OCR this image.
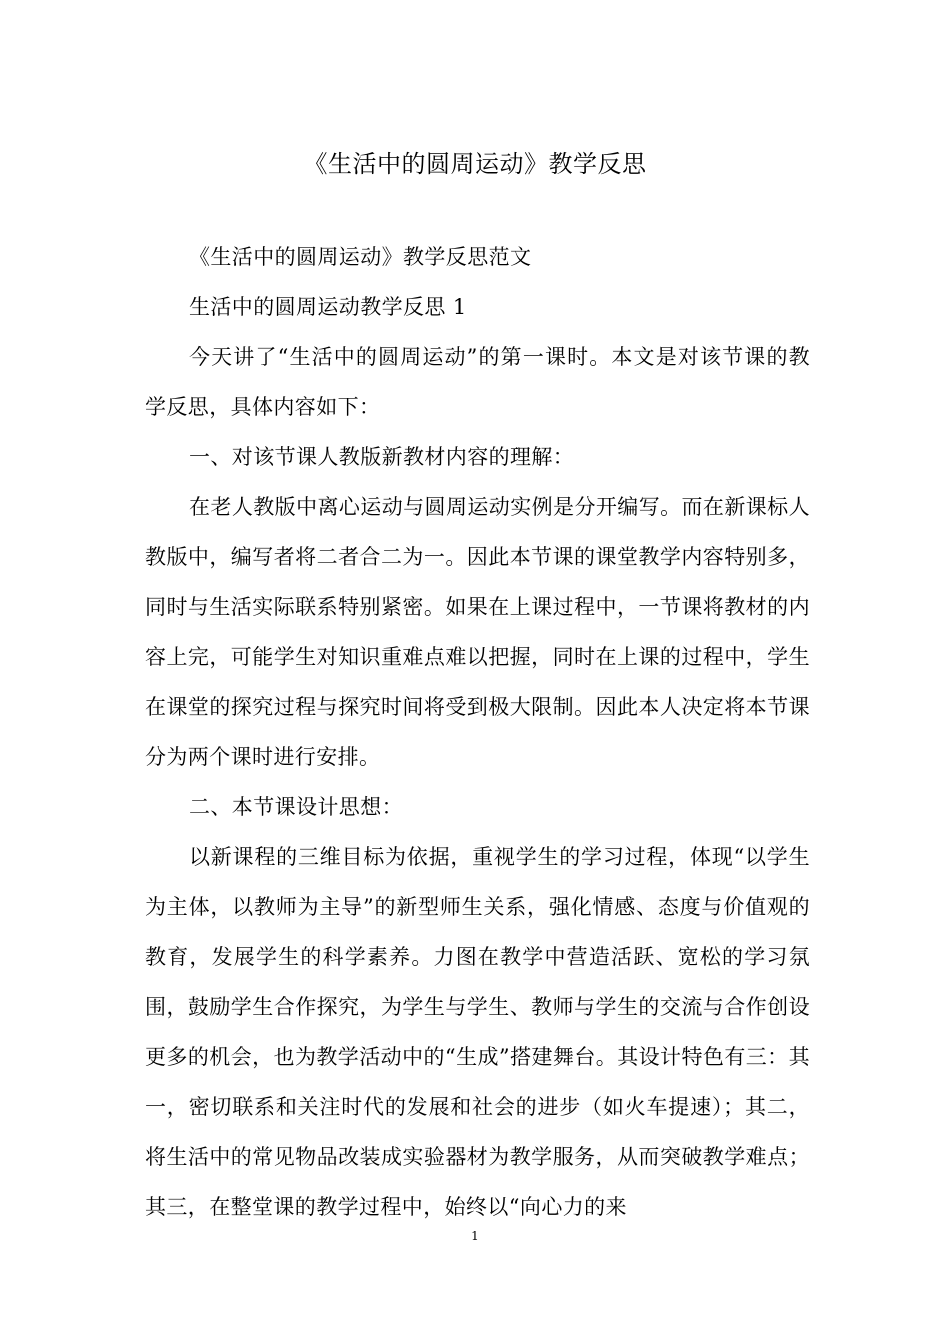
《生活中的圆周运动》教学反思

《生活中的圆周运动》教学反思范文

生活中的圆周运动教学反思 1

今天讲了“生活中的圆周运动”的第一课时。本文是对该节课的教学反思，具体内容如下：

一、对该节课人教版新教材内容的理解：

在老人教版中离心运动与圆周运动实例是分开编写。而在新课标人教版中，编写者将二者合二为一。因此本节课的课堂教学内容特别多，同时与生活实际联系特别紧密。如果在上课过程中，一节课将教材的内容上完，可能学生对知识重难点难以把握，同时在上课的过程中，学生在课堂的探究过程与探究时间将受到极大限制。因此本人决定将本节课分为两个课时进行安排。

二、本节课设计思想：

以新课程的三维目标为依据，重视学生的学习过程，体现“以学生为主体，以教师为主导”的新型师生关系，强化情感、态度与价值观的教育，发展学生的科学素养。力图在教学中营造活跃、宽松的学习氛围，鼓励学生合作探究，为学生与学生、教师与学生的交流与合作创设更多的机会，也为教学活动中的“生成”搭建舞台。其设计特色有三：其一，密切联系和关注时代的发展和社会的进步（如火车提速）；其二，将生活中的常见物品改装成实验器材为教学服务，从而突破教学难点；其三，在整堂课的教学过程中，始终以“向心力的来

1
